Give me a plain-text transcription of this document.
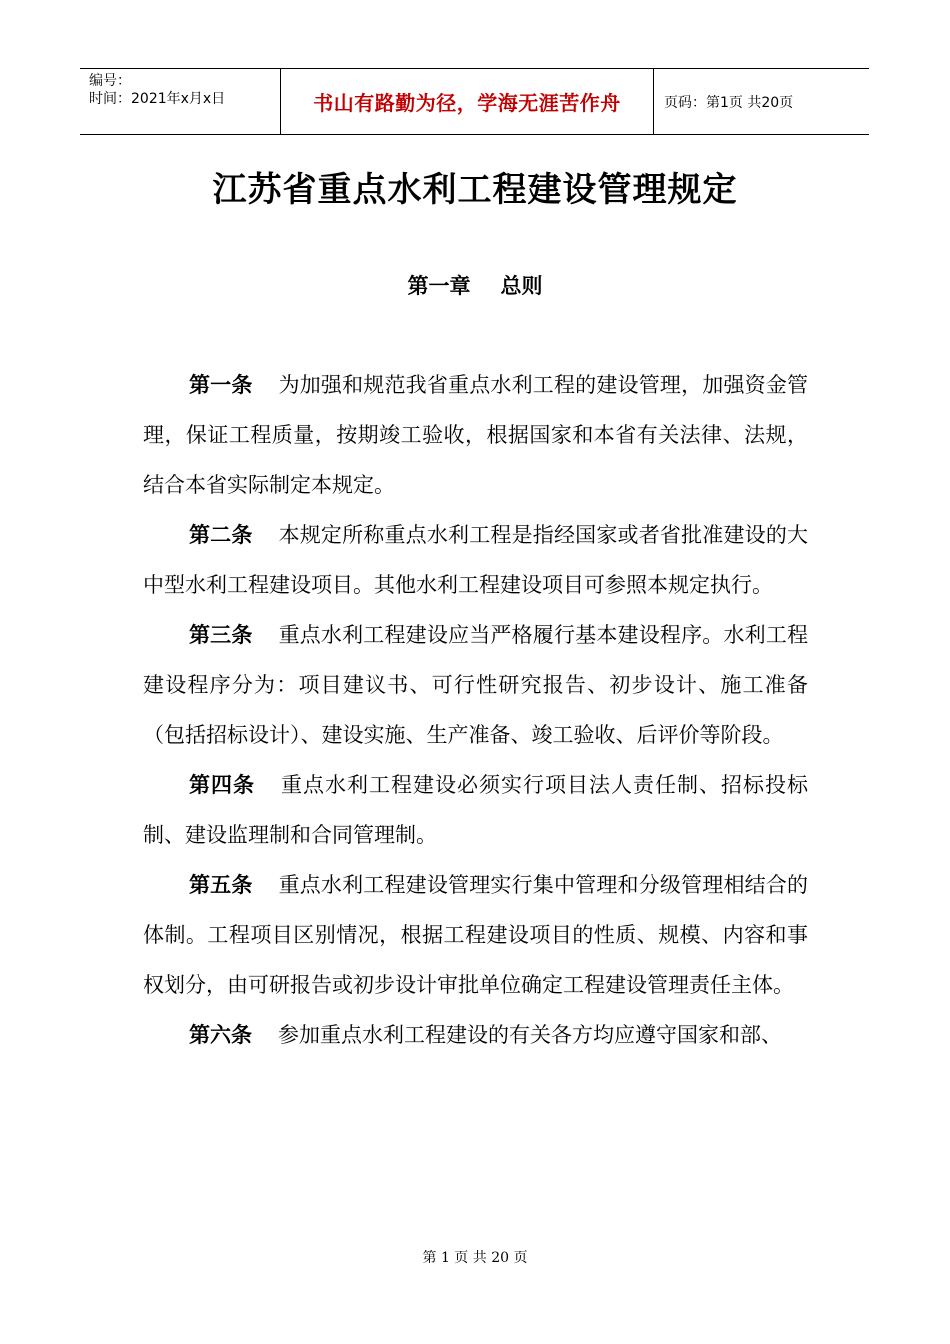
编号：
时间：2021年x月x日	书山有路勤为径，学海无涯苦作舟	页码：第1页 共20页
江苏省重点水利工程建设管理规定
第一章 总则

第一条 为加强和规范我省重点水利工程的建设管理，加强资金管理，保证工程质量，按期竣工验收，根据国家和本省有关法律、法规，结合本省实际制定本规定。

第二条 本规定所称重点水利工程是指经国家或者省批准建设的大中型水利工程建设项目。其他水利工程建设项目可参照本规定执行。

第三条 重点水利工程建设应当严格履行基本建设程序。水利工程建设程序分为：项目建议书、可行性研究报告、初步设计、施工准备（包括招标设计）、建设实施、生产准备、竣工验收、后评价等阶段。

第四条 重点水利工程建设必须实行项目法人责任制、招标投标制、建设监理制和合同管理制。

第五条 重点水利工程建设管理实行集中管理和分级管理相结合的体制。工程项目区别情况，根据工程建设项目的性质、规模、内容和事权划分，由可研报告或初步设计审批单位确定工程建设管理责任主体。

第六条 参加重点水利工程建设的有关各方均应遵守国家和部、

第 1 页 共 20 页
